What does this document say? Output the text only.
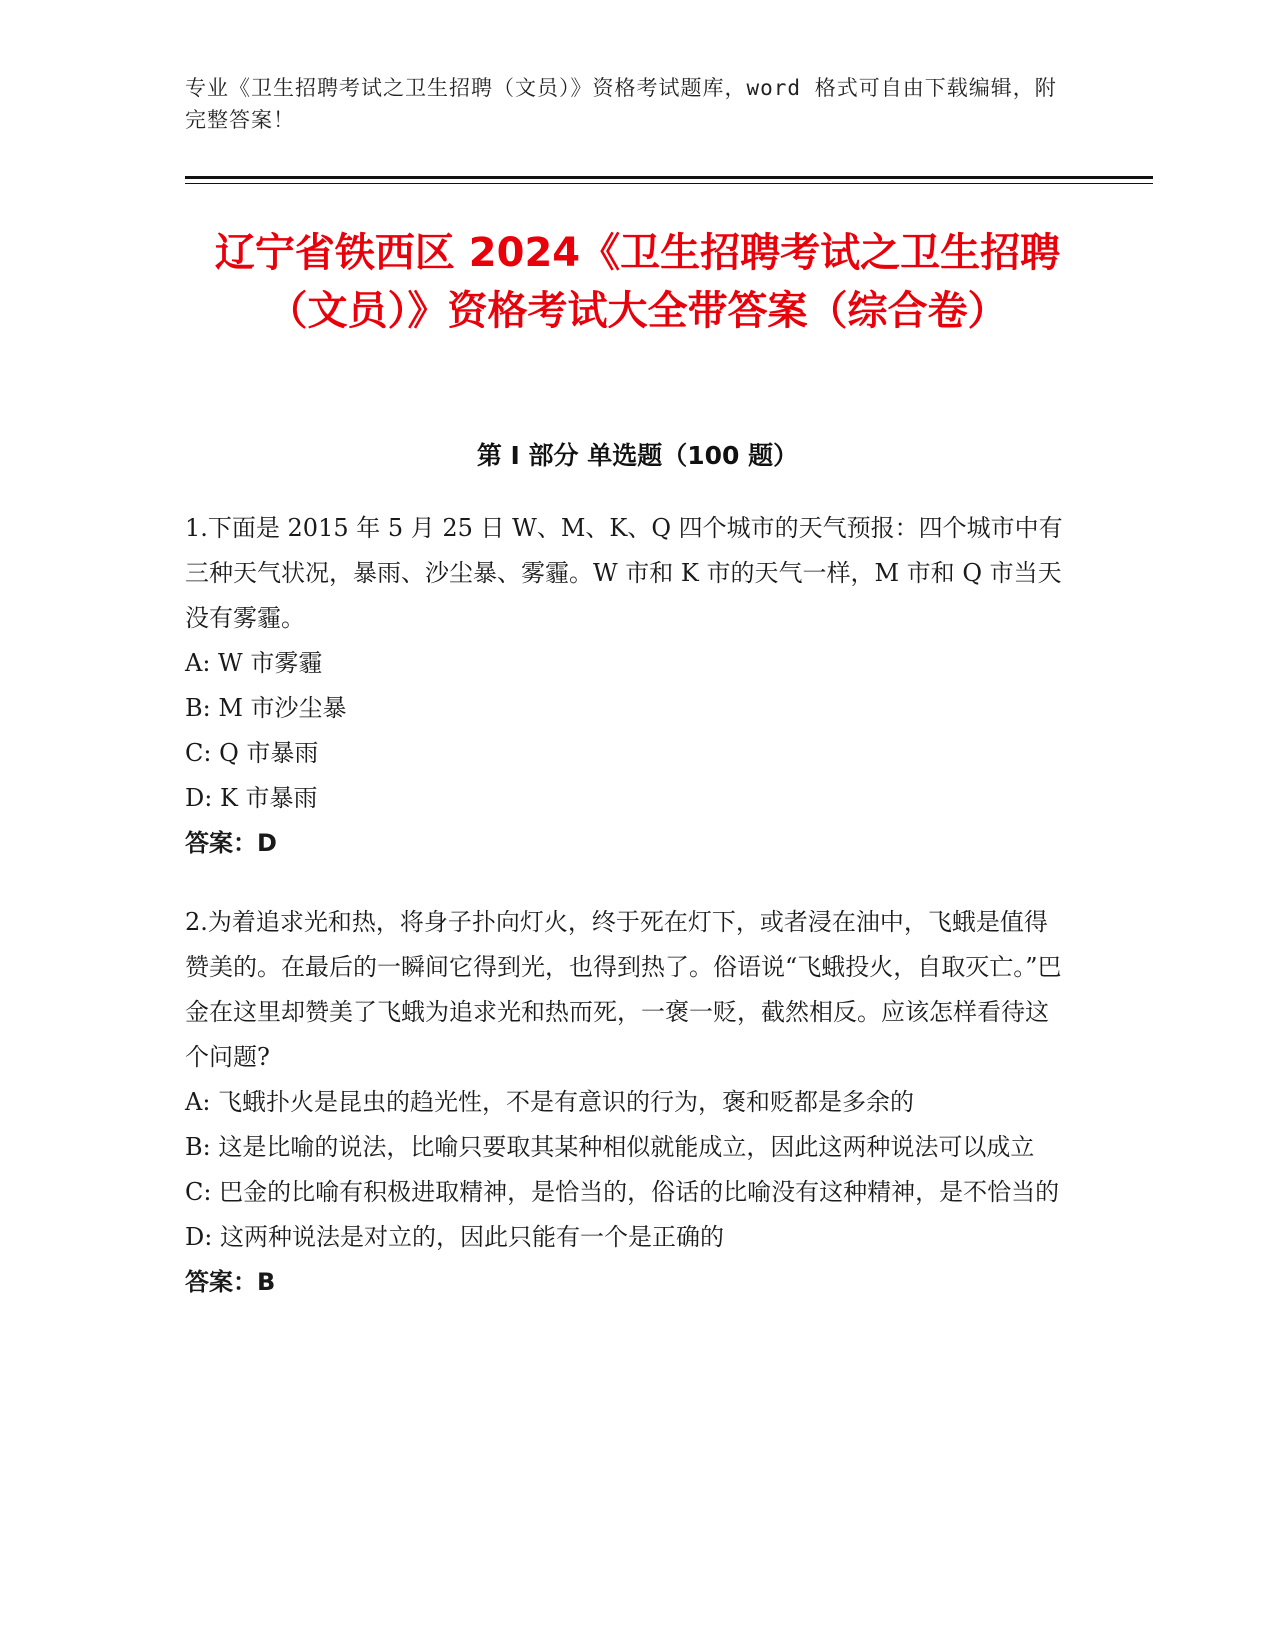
专业《卫生招聘考试之卫生招聘（文员）》资格考试题库，word 格式可自由下载编辑，附完整答案！
辽宁省铁西区 2024《卫生招聘考试之卫生招聘（文员）》资格考试大全带答案（综合卷）
第 I 部分 单选题（100 题）

1.下面是 2015 年 5 月 25 日 W、M、K、Q 四个城市的天气预报：四个城市中有三种天气状况，暴雨、沙尘暴、雾霾。W 市和 K 市的天气一样，M 市和 Q 市当天没有雾霾。

A: W 市雾霾

B: M 市沙尘暴

C: Q 市暴雨

D: K 市暴雨

答案：D

2.为着追求光和热，将身子扑向灯火，终于死在灯下，或者浸在油中，飞蛾是值得赞美的。在最后的一瞬间它得到光，也得到热了。俗语说“飞蛾投火，自取灭亡。”巴金在这里却赞美了飞蛾为追求光和热而死，一褒一贬，截然相反。应该怎样看待这个问题?

A: 飞蛾扑火是昆虫的趋光性，不是有意识的行为，褒和贬都是多余的

B: 这是比喻的说法，比喻只要取其某种相似就能成立，因此这两种说法可以成立

C: 巴金的比喻有积极进取精神，是恰当的，俗话的比喻没有这种精神，是不恰当的

D: 这两种说法是对立的，因此只能有一个是正确的

答案：B
